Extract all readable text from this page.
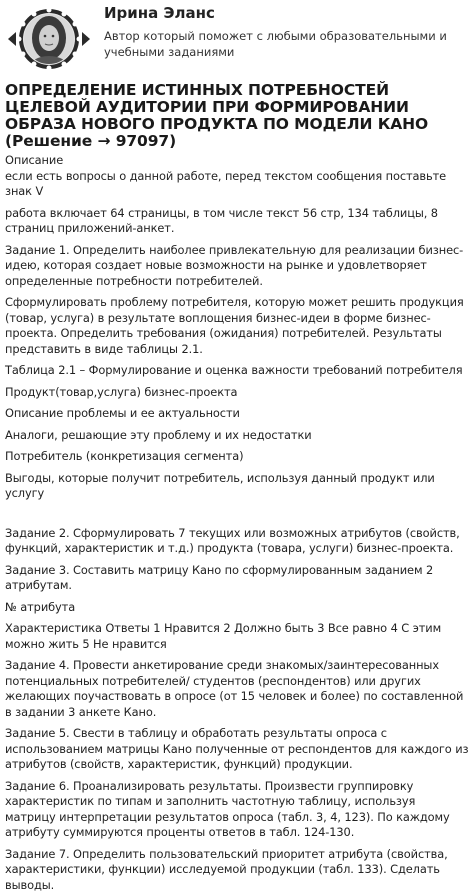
Ирина Эланс
Автор который поможет с любыми образовательными и учебными заданиями
ОПРЕДЕЛЕНИЕ ИСТИННЫХ ПОТРЕБНОСТЕЙ ЦЕЛЕВОЙ АУДИТОРИИ ПРИ ФОРМИРОВАНИИ ОБРАЗА НОВОГО ПРОДУКТА ПО МОДЕЛИ КАНО (Решение → 97097)

Описание

если есть вопросы о данной работе, перед текстом сообщения поставьте знак V

работа включает 64 страницы, в том числе текст 56 стр, 134 таблицы, 8 страниц приложений-анкет.

Задание 1. Определить наиболее привлекательную для реализации бизнес-идею, которая создает новые возможности на рынке и удовлетворяет определенные потребности потребителей.

Сформулировать проблему потребителя, которую может решить продукция (товар, услуга) в результате воплощения бизнес-идеи в форме бизнес-проекта. Определить требования (ожидания) потребителей. Результаты представить в виде таблицы 2.1.

Таблица 2.1 – Формулирование и оценка важности требований потребителя

Продукт(товар,услуга) бизнес-проекта

Описание проблемы и ее актуальности

Аналоги, решающие эту проблему и их недостатки

Потребитель (конкретизация сегмента)

Выгоды, которые получит потребитель, используя данный продукт или услугу

Задание 2. Сформулировать 7 текущих или возможных атрибутов (свойств, функций, характеристик и т.д.) продукта (товара, услуги) бизнес-проекта.

Задание 3. Составить матрицу Кано по сформулированным заданием 2 атрибутам.

№ атрибута

Характеристика Ответы 1 Нравится 2 Должно быть 3 Все равно 4 С этим можно жить 5 Не нравится

Задание 4. Провести анкетирование среди знакомых/заинтересованных потенциальных потребителей/ студентов (респондентов) или других желающих поучаствовать в опросе (от 15 человек и более) по составленной в задании 3 анкете Кано.

Задание 5. Свести в таблицу и обработать результаты опроса с использованием матрицы Кано полученные от респондентов для каждого из атрибутов (свойств, характеристик, функций) продукции.

Задание 6. Проанализировать результаты. Произвести группировку характеристик по типам и заполнить частотную таблицу, используя матрицу интерпретации результатов опроса (табл. 3, 4, 123). По каждому атрибуту суммируются проценты ответов в табл. 124-130.

Задание 7. Определить пользовательский приоритет атрибута (свойства, характеристики, функции) исследуемой продукции (табл. 133). Сделать выводы.
